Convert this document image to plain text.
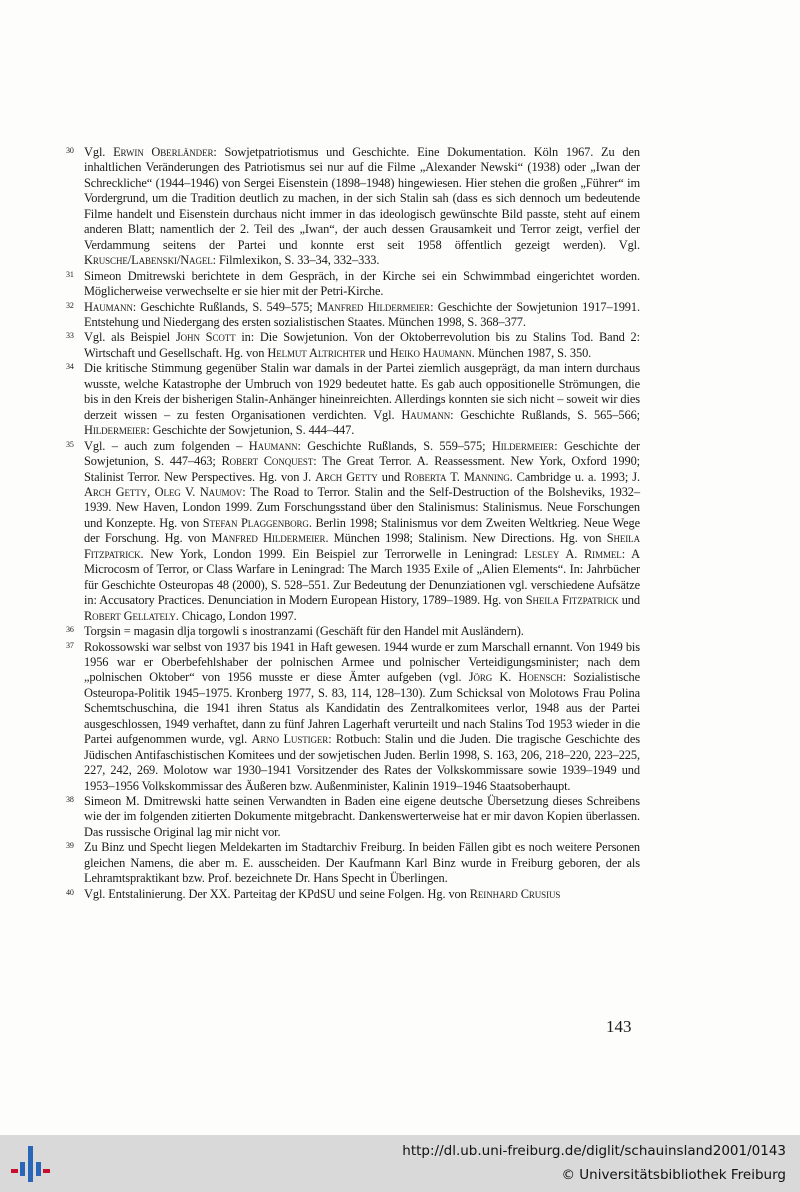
30 Vgl. Erwin Oberländer: Sowjetpatriotismus und Geschichte. Eine Dokumentation. Köln 1967. Zu den inhaltlichen Veränderungen des Patriotismus sei nur auf die Filme „Alexander Newski“ (1938) oder „Iwan der Schreckliche“ (1944–1946) von Sergei Eisenstein (1898–1948) hingewiesen. Hier stehen die großen „Führer“ im Vordergrund, um die Tradition deutlich zu machen, in der sich Stalin sah (dass es sich dennoch um bedeutende Filme handelt und Eisenstein durchaus nicht immer in das ideologisch gewünschte Bild passte, steht auf einem anderen Blatt; namentlich der 2. Teil des „Iwan“, der auch dessen Grausamkeit und Terror zeigt, verfiel der Verdammung seitens der Partei und konnte erst seit 1958 öffentlich gezeigt werden). Vgl. Krusche/Labenski/Nagel: Filmlexikon, S. 33–34, 332–333.
31 Simeon Dmitrewski berichtete in dem Gespräch, in der Kirche sei ein Schwimmbad eingerichtet worden. Möglicherweise verwechselte er sie hier mit der Petri-Kirche.
32 Haumann: Geschichte Rußlands, S. 549–575; Manfred Hildermeier: Geschichte der Sowjetunion 1917–1991. Entstehung und Niedergang des ersten sozialistischen Staates. München 1998, S. 368–377.
33 Vgl. als Beispiel John Scott in: Die Sowjetunion. Von der Oktoberrevolution bis zu Stalins Tod. Band 2: Wirtschaft und Gesellschaft. Hg. von Helmut Altrichter und Heiko Haumann. München 1987, S. 350.
34 Die kritische Stimmung gegenüber Stalin war damals in der Partei ziemlich ausgeprägt, da man intern durchaus wusste, welche Katastrophe der Umbruch von 1929 bedeutet hatte. Es gab auch oppositionelle Strömungen, die bis in den Kreis der bisherigen Stalin-Anhänger hineinreichten. Allerdings konnten sie sich nicht – soweit wir dies derzeit wissen – zu festen Organisationen verdichten. Vgl. Haumann: Geschichte Rußlands, S. 565–566; Hildermeier: Geschichte der Sowjetunion, S. 444–447.
35 Vgl. – auch zum folgenden – Haumann: Geschichte Rußlands, S. 559–575; Hildermeier: Geschichte der Sowjetunion, S. 447–463; Robert Conquest: The Great Terror. A. Reassessment. New York, Oxford 1990; Stalinist Terror. New Perspectives. Hg. von J. Arch Getty und Roberta T. Manning. Cambridge u. a. 1993; J. Arch Getty, Oleg V. Naumov: The Road to Terror. Stalin and the Self-Destruction of the Bolsheviks, 1932–1939. New Haven, London 1999. Zum Forschungsstand über den Stalinismus: Stalinismus. Neue Forschungen und Konzepte. Hg. von Stefan Plaggenborg. Berlin 1998; Stalinismus vor dem Zweiten Weltkrieg. Neue Wege der Forschung. Hg. von Manfred Hildermeier. München 1998; Stalinism. New Directions. Hg. von Sheila Fitzpatrick. New York, London 1999. Ein Beispiel zur Terrorwelle in Leningrad: Lesley A. Rimmel: A Microcosm of Terror, or Class Warfare in Leningrad: The March 1935 Exile of „Alien Elements“. In: Jahrbücher für Geschichte Osteuropas 48 (2000), S. 528–551. Zur Bedeutung der Denunziationen vgl. verschiedene Aufsätze in: Accusatory Practices. Denunciation in Modern European History, 1789–1989. Hg. von Sheila Fitzpatrick und Robert Gellately. Chicago, London 1997.
36 Torgsin = magasin dlja torgowli s inostranzami (Geschäft für den Handel mit Ausländern).
37 Rokossowski war selbst von 1937 bis 1941 in Haft gewesen. 1944 wurde er zum Marschall ernannt. Von 1949 bis 1956 war er Oberbefehlshaber der polnischen Armee und polnischer Verteidigungsminister; nach dem „polnischen Oktober“ von 1956 musste er diese Ämter aufgeben (vgl. Jörg K. Hoensch: Sozialistische Osteuropa-Politik 1945–1975. Kronberg 1977, S. 83, 114, 128–130). Zum Schicksal von Molotows Frau Polina Schemtschuschina, die 1941 ihren Status als Kandidatin des Zentralkomitees verlor, 1948 aus der Partei ausgeschlossen, 1949 verhaftet, dann zu fünf Jahren Lagerhaft verurteilt und nach Stalins Tod 1953 wieder in die Partei aufgenommen wurde, vgl. Arno Lustiger: Rotbuch: Stalin und die Juden. Die tragische Geschichte des Jüdischen Antifaschistischen Komitees und der sowjetischen Juden. Berlin 1998, S. 163, 206, 218–220, 223–225, 227, 242, 269. Molotow war 1930–1941 Vorsitzender des Rates der Volkskommissare sowie 1939–1949 und 1953–1956 Volkskommissar des Äußeren bzw. Außenminister, Kalinin 1919–1946 Staatsoberhaupt.
38 Simeon M. Dmitrewski hatte seinen Verwandten in Baden eine eigene deutsche Übersetzung dieses Schreibens wie der im folgenden zitierten Dokumente mitgebracht. Dankenswerterweise hat er mir davon Kopien überlassen. Das russische Original lag mir nicht vor.
39 Zu Binz und Specht liegen Meldekarten im Stadtarchiv Freiburg. In beiden Fällen gibt es noch weitere Personen gleichen Namens, die aber m. E. ausscheiden. Der Kaufmann Karl Binz wurde in Freiburg geboren, der als Lehramtspraktikant bzw. Prof. bezeichnete Dr. Hans Specht in Überlingen.
40 Vgl. Entstalinierung. Der XX. Parteitag der KPdSU und seine Folgen. Hg. von Reinhard Crusius
143
http://dl.ub.uni-freiburg.de/diglit/schauinsland2001/0143
© Universitätsbibliothek Freiburg
